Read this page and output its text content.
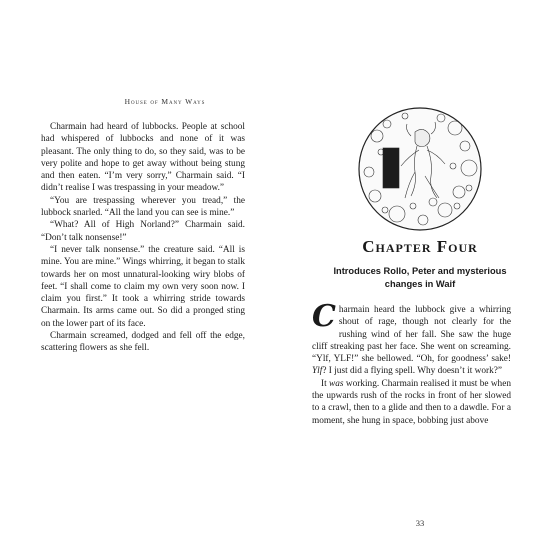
House of Many Ways

Charmain had heard of lubbocks. People at school had whispered of lubbocks and none of it was pleasant. The only thing to do, so they said, was to be very polite and hope to get away without being stung and then eaten. “I’m very sorry,” Charmain said. “I didn’t realise I was trespassing in your meadow.”

“You are trespassing wherever you tread,” the lubbock snarled. “All the land you can see is mine.”

“What? All of High Norland?” Charmain said. “Don’t talk nonsense!”

“I never talk nonsense.” the creature said. “All is mine. You are mine.” Wings whirring, it began to stalk towards her on most unnatural-looking wiry blobs of feet. “I shall come to claim my own very soon now. I claim you first.” It took a whirring stride towards Charmain. Its arms came out. So did a pronged sting on the lower part of its face.

Charmain screamed, dodged and fell off the edge, scattering flowers as she fell.

Chapter Four
Introduces Rollo, Peter and mysterious changes in Waif

Charmain heard the lubbock give a whirring shout of rage, though not clearly for the rushing wind of her fall. She saw the huge cliff streaking past her face. She went on screaming. “Ylf, YLF!” she bellowed. “Oh, for goodness’ sake! Ylf? I just did a flying spell. Why doesn’t it work?”

It was working. Charmain realised it must be when the upwards rush of the rocks in front of her slowed to a crawl, then to a glide and then to a dawdle. For a moment, she hung in space, bobbing just above

33
